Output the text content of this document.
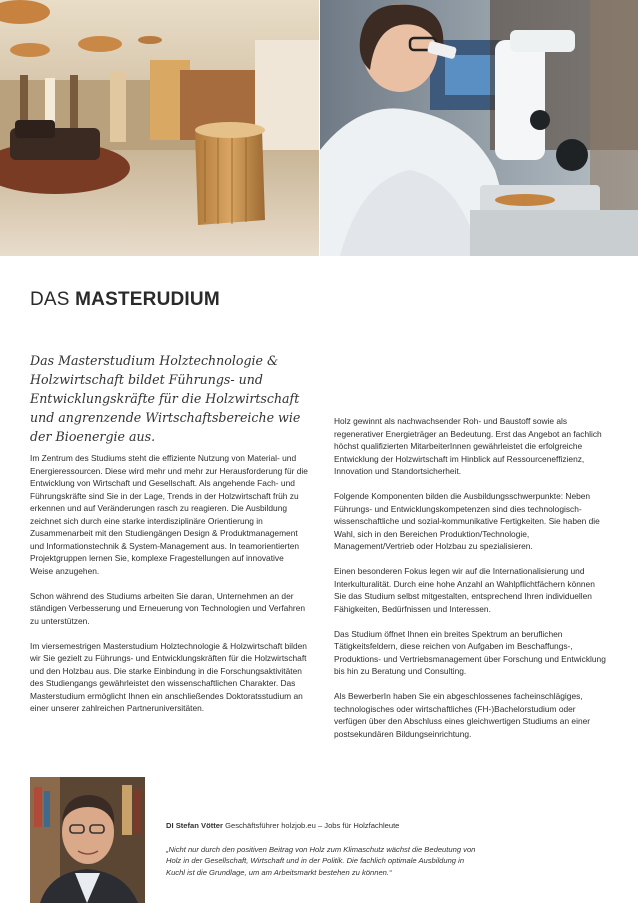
DAS MASTERUDIUM

Das Masterstudium Holztechnologie & Holzwirtschaft bildet Führungs- und Entwicklungskräfte für die Holzwirtschaft und angrenzende Wirtschaftsbereiche wie der Bioenergie aus.

Im Zentrum des Studiums steht die effiziente Nutzung von Material- und Energieressourcen. Diese wird mehr und mehr zur Herausforderung für die Entwicklung von Wirtschaft und Gesellschaft. Als angehende Fach- und Führungskräfte sind Sie in der Lage, Trends in der Holzwirtschaft früh zu erkennen und auf Veränderungen rasch zu reagieren. Die Ausbildung zeichnet sich durch eine starke interdisziplinäre Orientierung in Zusammenarbeit mit den Studiengängen Design & Produktmanagement und Informationstechnik & System-Management aus. In teamorientierten Projektgruppen lernen Sie, komplexe Fragestellungen auf innovative Weise anzugehen.

Schon während des Studiums arbeiten Sie daran, Unternehmen an der ständigen Verbesserung und Erneuerung von Technologien und Verfahren zu unterstützen.

Im viersemestrigen Masterstudium Holztechnologie & Holzwirtschaft bilden wir Sie gezielt zu Führungs- und Entwicklungskräften für die Holzwirtschaft und den Holzbau aus. Die starke Einbindung in die Forschungsaktivitäten des Studiengangs gewährleistet den wissenschaftlichen Charakter. Das Masterstudium ermöglicht Ihnen ein anschließendes Doktoratsstudium an einer unserer zahlreichen Partneruniversitäten.

Holz gewinnt als nachwachsender Roh- und Baustoff sowie als regenerativer Energieträger an Bedeutung. Erst das Angebot an fachlich höchst qualifizierten MitarbeiterInnen gewährleistet die erfolgreiche Entwicklung der Holzwirtschaft im Hinblick auf Ressourceneffizienz, Innovation und Standortsicherheit.

Folgende Komponenten bilden die Ausbildungsschwerpunkte: Neben Führungs- und Entwicklungskompetenzen sind dies technologisch-wissenschaftliche und sozial-kommunikative Fertigkeiten. Sie haben die Wahl, sich in den Bereichen Produktion/Technologie, Management/Vertrieb oder Holzbau zu spezialisieren.

Einen besonderen Fokus legen wir auf die Internationalisierung und Interkulturalität. Durch eine hohe Anzahl an Wahlpflichtfächern können Sie das Studium selbst mitgestalten, entsprechend Ihren individuellen Fähigkeiten, Bedürfnissen und Interessen.

Das Studium öffnet Ihnen ein breites Spektrum an beruflichen Tätigkeitsfeldern, diese reichen von Aufgaben im Beschaffungs-, Produktions- und Vertriebsmanagement über Forschung und Entwicklung bis hin zu Beratung und Consulting.

Als BewerberIn haben Sie ein abgeschlossenes facheinschlägiges, technologisches oder wirtschaftliches (FH-)Bachelorstudium oder verfügen über den Abschluss eines gleichwertigen Studiums an einer postsekundären Bildungseinrichtung.

DI Stefan Vötter Geschäftsführer holzjob.eu – Jobs für Holzfachleute

„Nicht nur durch den positiven Beitrag von Holz zum Klimaschutz wächst die Bedeutung von Holz in der Gesellschaft, Wirtschaft und in der Politik. Die fachlich optimale Ausbildung in Kuchl ist die Grundlage, um am Arbeitsmarkt bestehen zu können.“
